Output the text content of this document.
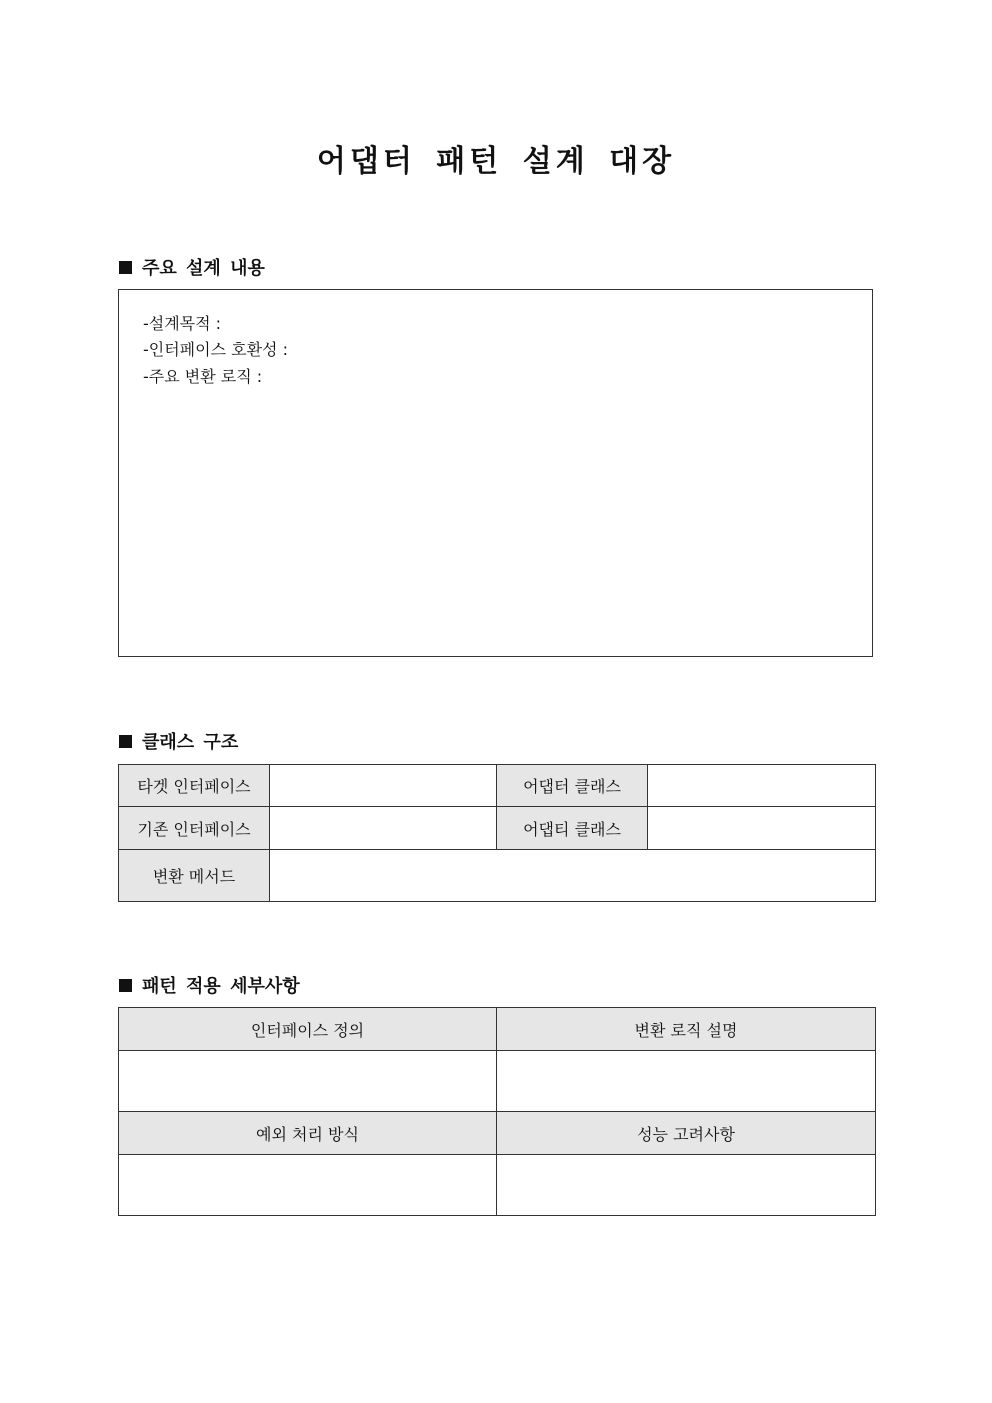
어댑터 패턴 설계 대장
주요 설계 내용
-설계목적 :
-인터페이스 호환성 :
-주요 변환 로직 :
클래스 구조
타겟 인터페이스		어댑터 클래스	
기존 인터페이스		어댑티 클래스	
변환 메서드			
패턴 적용 세부사항
인터페이스 정의	변환 로직 설명

예외 처리 방식	성능 고려사항
